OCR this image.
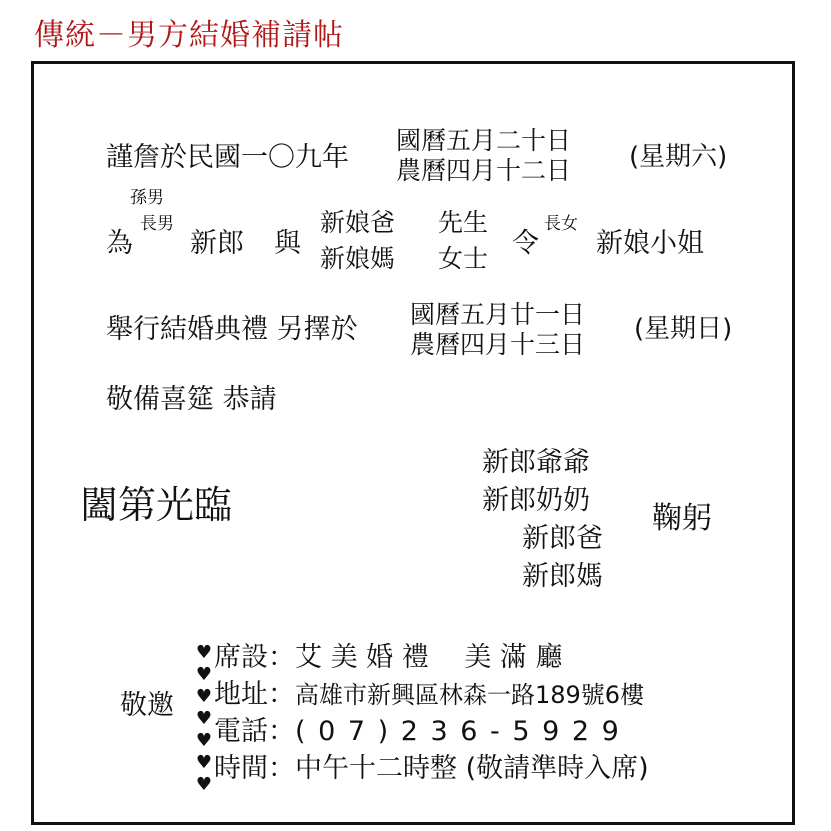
傳統－男方結婚補請帖
謹詹於民國一〇九年
國曆五月二十日
農曆四月十二日 (星期六)
孫男
為
長男
新郎 與
新娘爸
新娘媽
先生
女士 令
長女
新娘小姐
舉行結婚典禮 另擇於 國曆五月廿一日
農曆四月十三日
(星期日)
敬備喜筵 恭請
闔第光臨
新郎爺爺
新郎奶奶
新郎爸
新郎媽
鞠躬
敬邀
♥
♥
♥
♥
♥
♥
♥
席設：艾 美 婚 禮　 美 滿 廳
地址：高雄市新興區林森一路189號6樓
電話：( 0 7 ) 2 3 6 - 5 9 2 9
時間：中午十二時整 (敬請準時入席)
